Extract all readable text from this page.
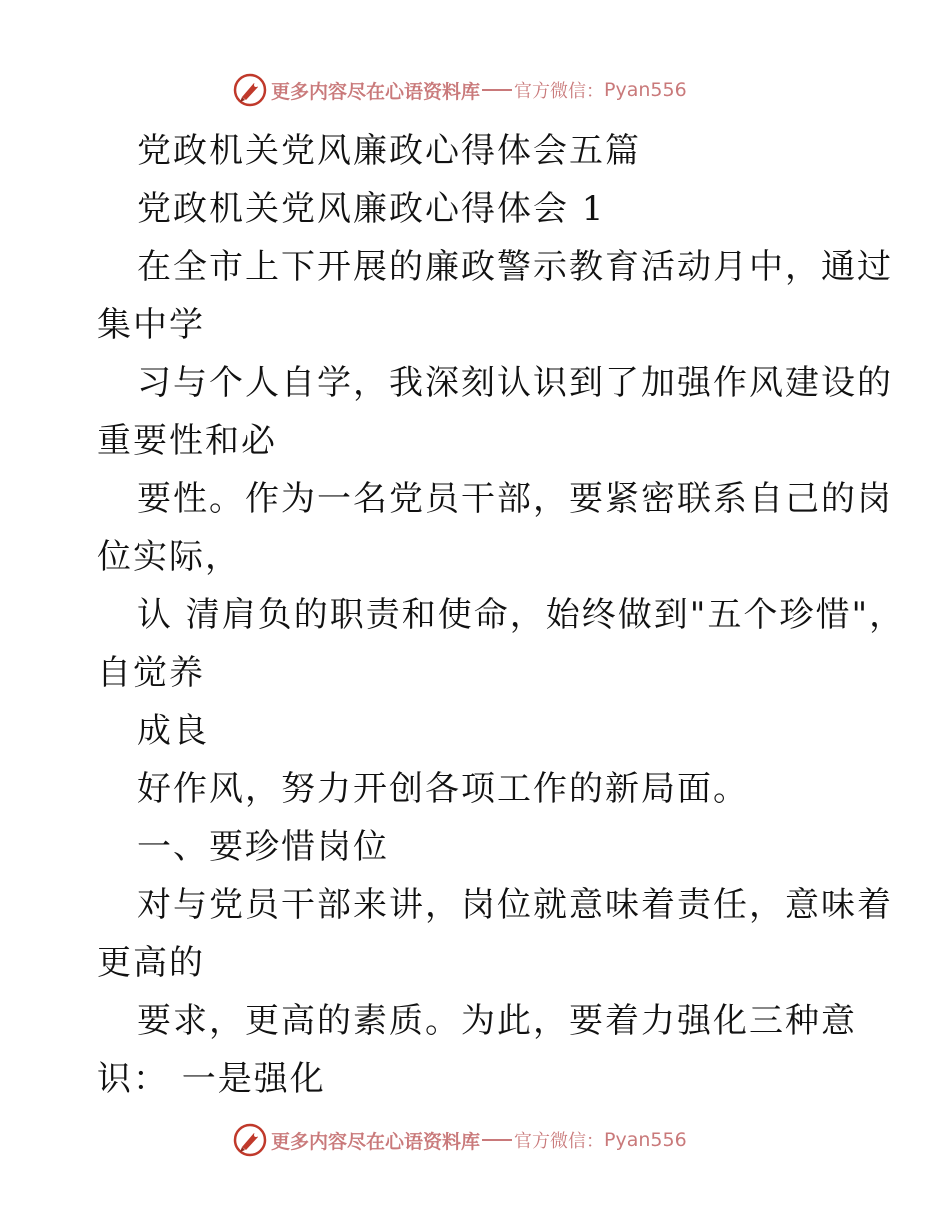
更多内容尽在心语资料库 官方微信： Pyan556
党政机关党风廉政心得体会五篇
党政机关党风廉政心得体会 1
在全市上下开展的廉政警示教育活动月中，通过
集中学
习与个人自学，我深刻认识到了加强作风建设的
重要性和必
要性。作为一名党员干部，要紧密联系自己的岗
位实际，
认 清肩负的职责和使命，始终做到"五个珍惜"，
自觉养
成良
好作风，努力开创各项工作的新局面。
一、要珍惜岗位
对与党员干部来讲，岗位就意味着责任，意味着
更高的
要求，更高的素质。为此，要着力强化三种意
识： 一是强化
更多内容尽在心语资料库 官方微信： Pyan556
